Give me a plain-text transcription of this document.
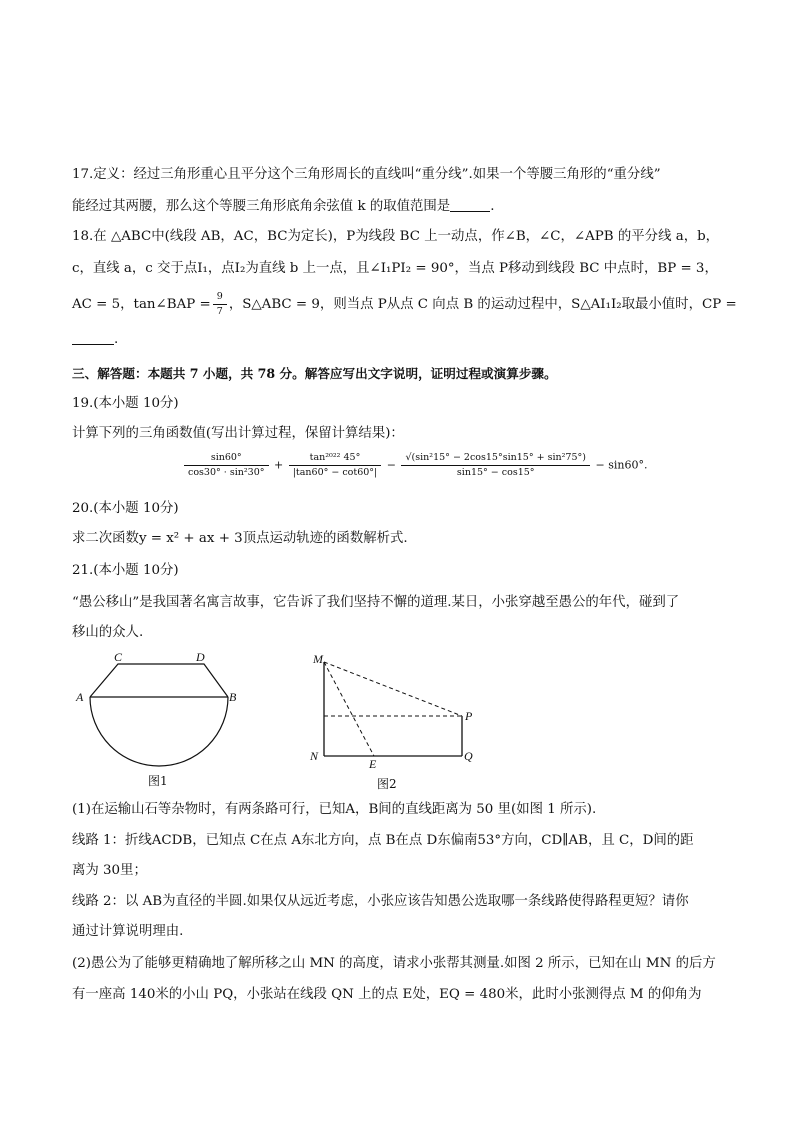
17.定义：经过三角形重心且平分这个三角形周长的直线叫“重分线”.如果一个等腰三角形的“重分线”
能经过其两腰，那么这个等腰三角形底角余弦值 k 的取值范围是	.
18.在 △ABC中(线段 AB，AC，BC为定长)，P为线段 BC 上一动点，作∠B，∠C，∠APB 的平分线 a，b，
c，直线 a，c 交于点I₁，点I₂为直线 b 上一点，且∠I₁PI₂ = 90°，当点 P移动到线段 BC 中点时，BP = 3，
AC = 5，tan∠BAP = $\frac{9}{7}$ ，S△ABC = 9，则当点 P从点 C 向点 B 的运动过程中，S△AI₁I₂取最小值时，CP =
.
三、解答题：本题共 7 小题，共 78 分。解答应写出文字说明，证明过程或演算步骤。
19.(本小题 10分)
计算下列的三角函数值(写出计算过程，保留计算结果)：
$\frac{\sin 60^\circ}{\text{cos30° · sin²30°}} + \frac{\text{tan²⁰²² 45°}}{|\tan 60^\circ - \cot 60^\circ|} - \frac{\text{√(sin²15° − 2cos15°sin15° + sin²75°)}}{\sin 15^\circ - \cos 15^\circ} - \sin 60^\circ$.
20.(本小题 10分)
求二次函数y = x² + ax + 3顶点运动轨迹的函数解析式.
21.(本小题 10分)
“愚公移山”是我国著名寓言故事，它告诉了我们坚持不懈的道理.某日，小张穿越至愚公的年代，碰到了
移山的众人.
A	B
C	D
图1
M
N
P
Q
E
图2
(1)在运输山石等杂物时，有两条路可行，已知A，B间的直线距离为 50 里(如图 1 所示).
线路 1：折线ACDB，已知点 C在点 A东北方向，点 B在点 D东偏南53°方向，CD∥AB，且 C，D间的距
离为 30里；
线路 2：以 AB为直径的半圆.如果仅从远近考虑，小张应该告知愚公选取哪一条线路使得路程更短？请你
通过计算说明理由.
(2)愚公为了能够更精确地了解所移之山 MN 的高度，请求小张帮其测量.如图 2 所示，已知在山 MN 的后方
有一座高 140米的小山 PQ，小张站在线段 QN 上的点 E处，EQ = 480米，此时小张测得点 M 的仰角为
